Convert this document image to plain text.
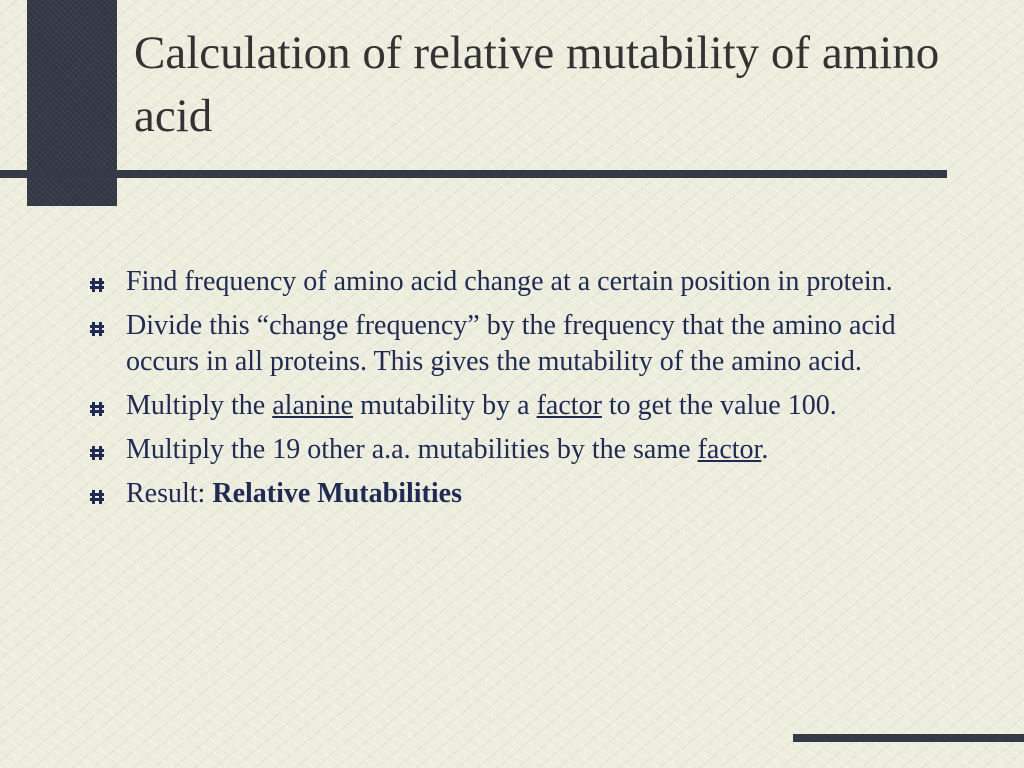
Calculation of relative mutability of amino acid
Find frequency of amino acid change at a certain position in protein.
Divide this “change frequency” by the frequency that the amino acid occurs in all proteins. This gives the mutability of the amino acid.
Multiply the alanine mutability by a factor to get the value 100.
Multiply the 19 other a.a. mutabilities by the same factor.
Result: Relative Mutabilities
